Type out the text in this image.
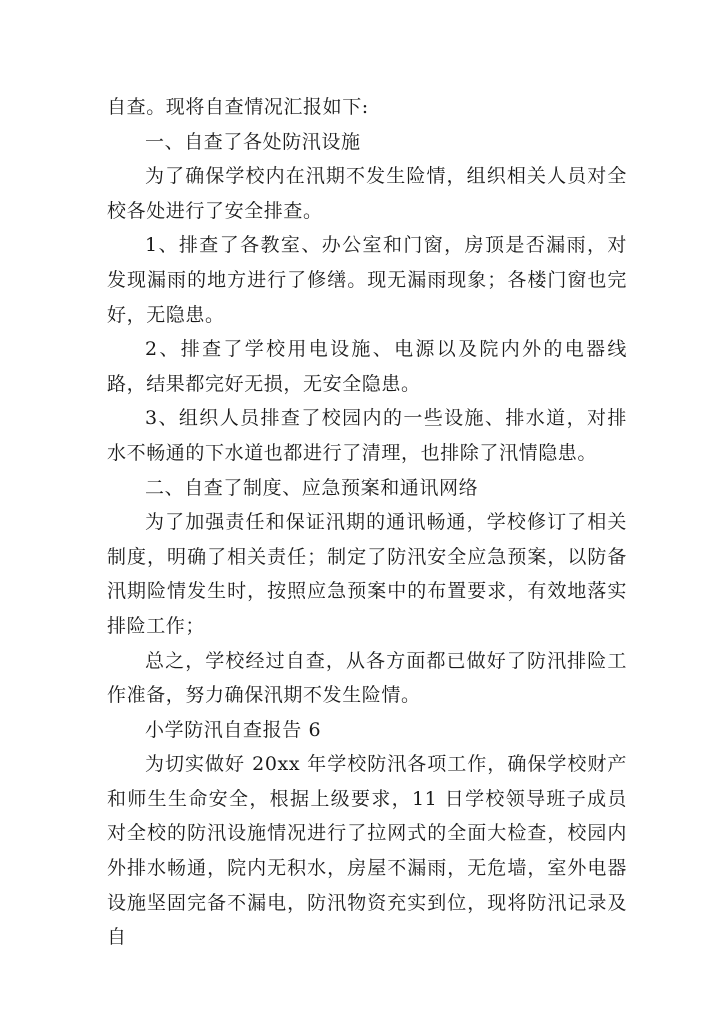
自查。现将自查情况汇报如下:

一、自查了各处防汛设施

为了确保学校内在汛期不发生险情，组织相关人员对全校各处进行了安全排查。

1、排查了各教室、办公室和门窗，房顶是否漏雨，对发现漏雨的地方进行了修缮。现无漏雨现象；各楼门窗也完好，无隐患。

2、排查了学校用电设施、电源以及院内外的电器线路，结果都完好无损，无安全隐患。

3、组织人员排查了校园内的一些设施、排水道，对排水不畅通的下水道也都进行了清理，也排除了汛情隐患。

二、自查了制度、应急预案和通讯网络

为了加强责任和保证汛期的通讯畅通，学校修订了相关制度，明确了相关责任；制定了防汛安全应急预案，以防备汛期险情发生时，按照应急预案中的布置要求，有效地落实排险工作；

总之，学校经过自查，从各方面都已做好了防汛排险工作准备，努力确保汛期不发生险情。

小学防汛自查报告 6

为切实做好 20xx 年学校防汛各项工作，确保学校财产和师生生命安全，根据上级要求，11 日学校领导班子成员对全校的防汛设施情况进行了拉网式的全面大检查，校园内外排水畅通，院内无积水，房屋不漏雨，无危墙，室外电器设施坚固完备不漏电，防汛物资充实到位，现将防汛记录及自
